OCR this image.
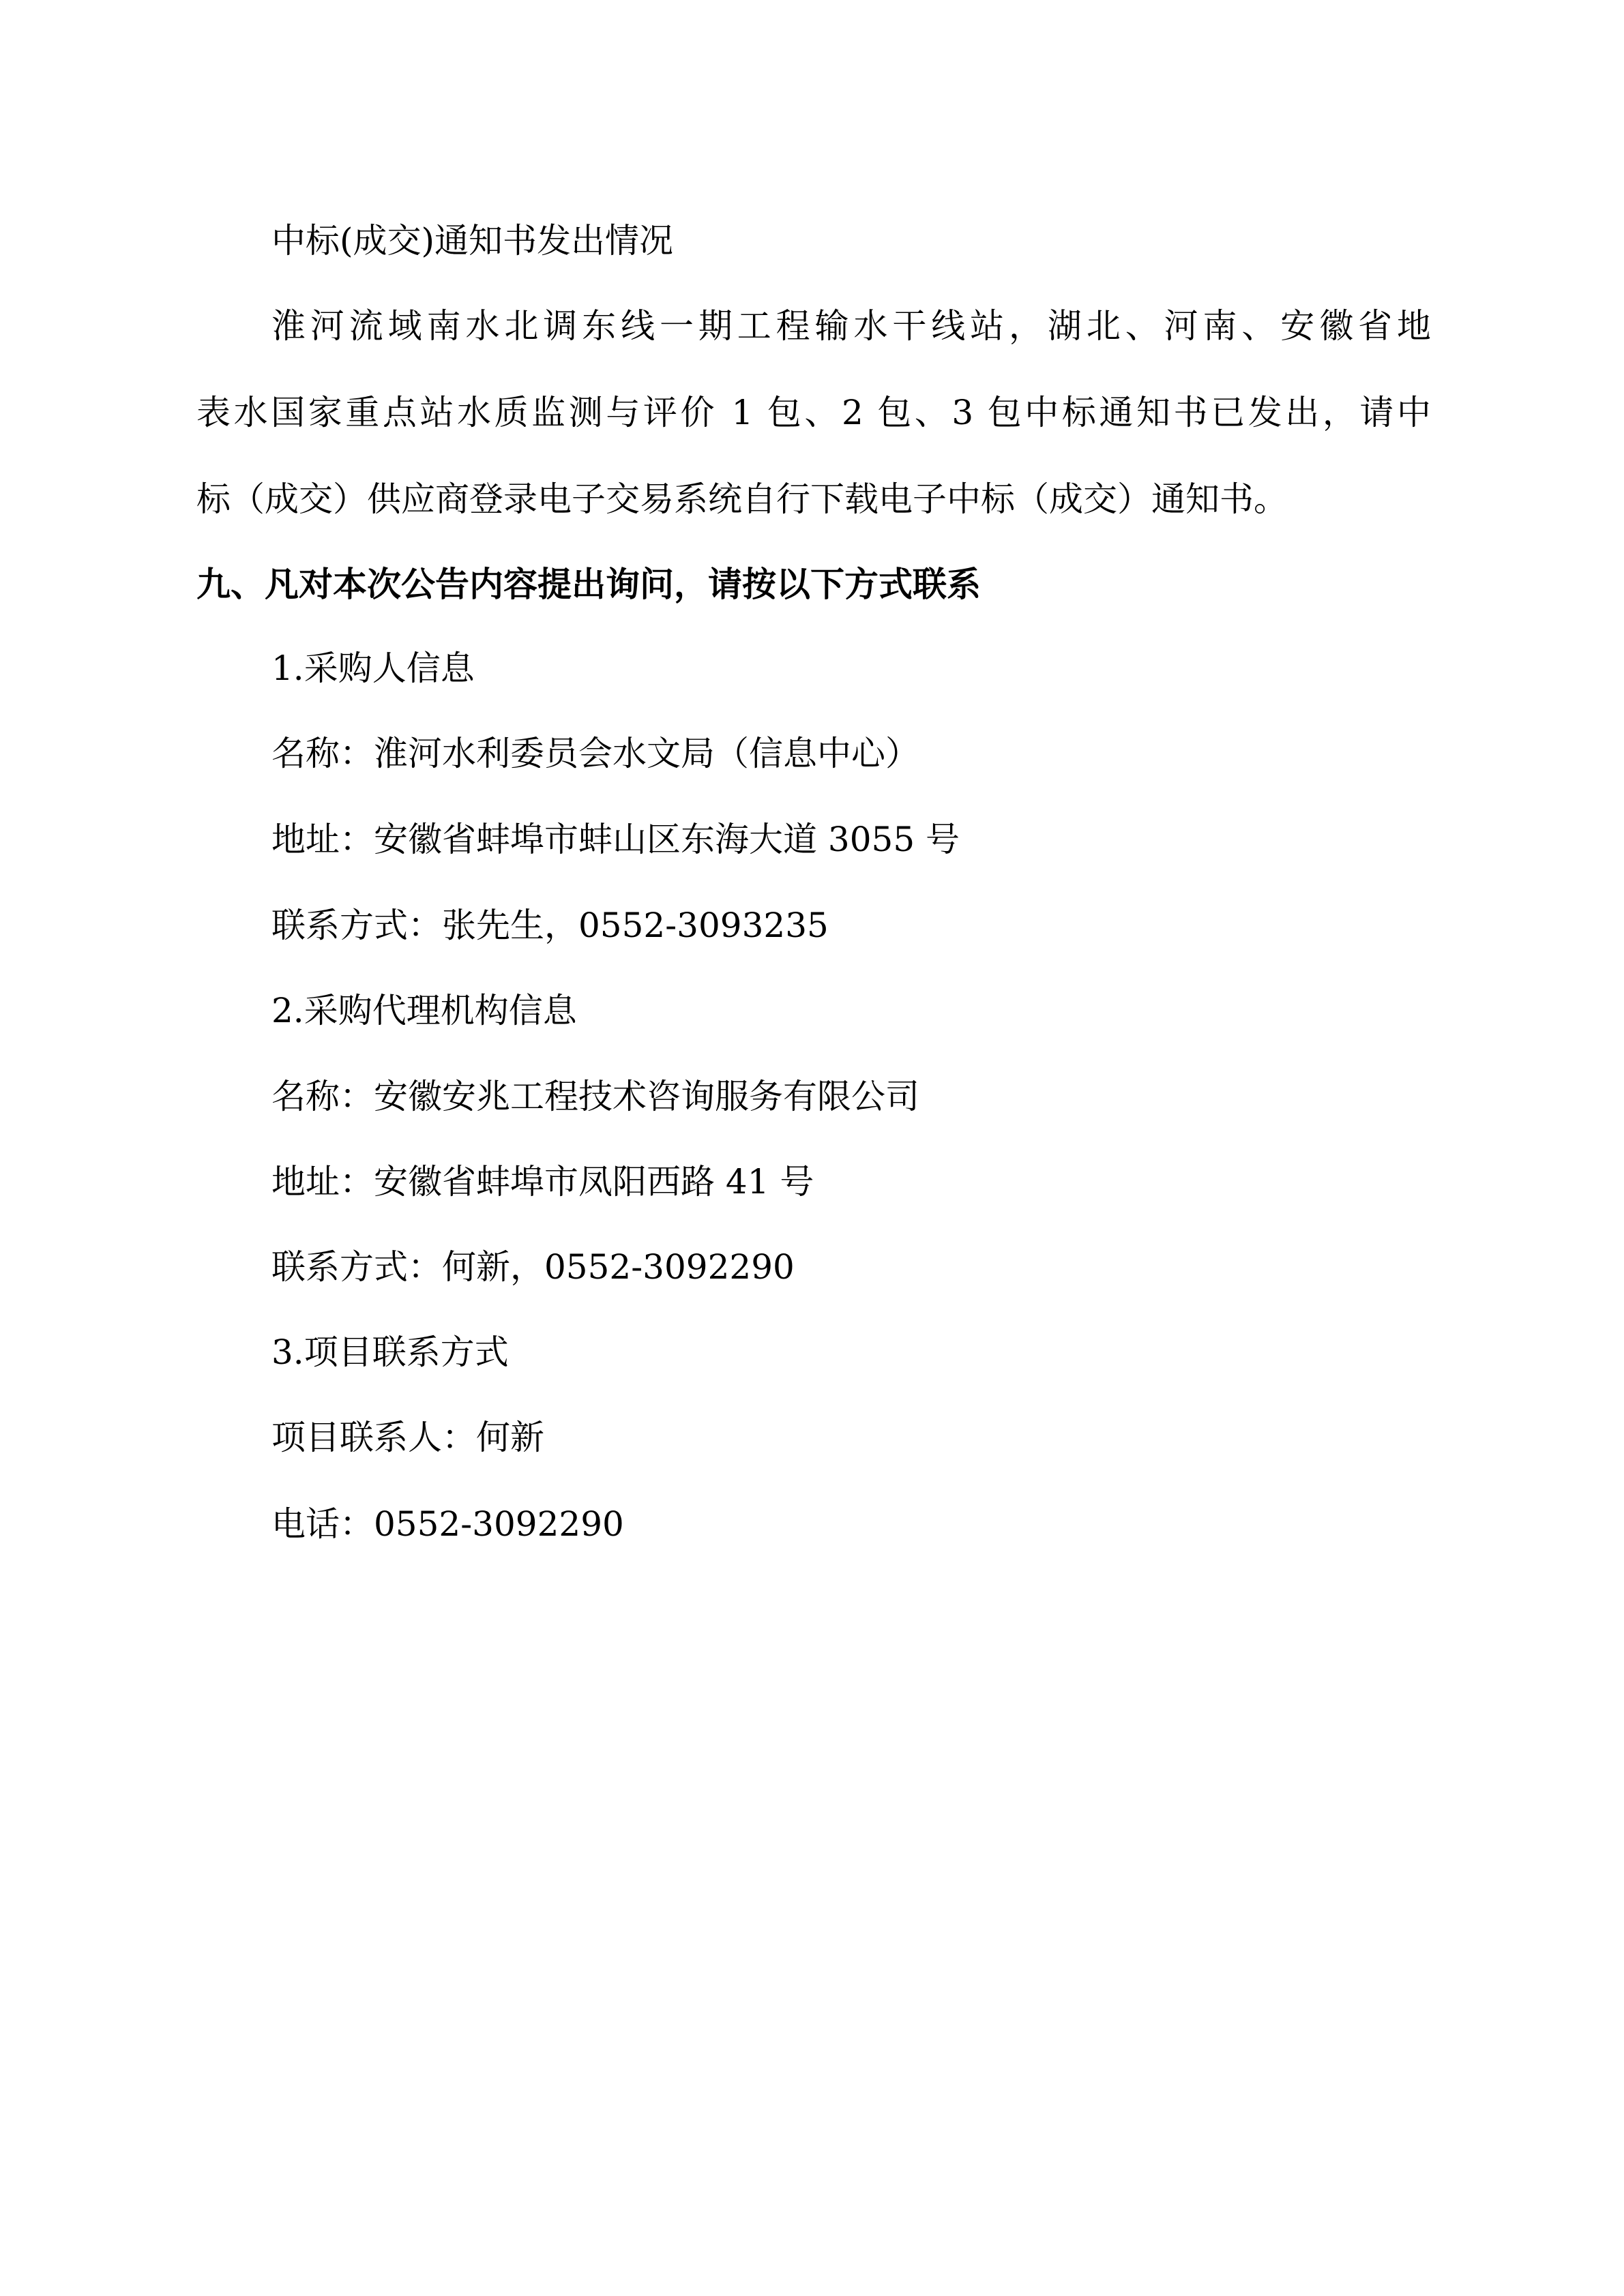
中标(成交)通知书发出情况
淮河流域南水北调东线一期工程输水干线站，湖北、河南、安徽省地
表水国家重点站水质监测与评价 1 包、2 包、3 包中标通知书已发出，请中
标（成交）供应商登录电子交易系统自行下载电子中标（成交）通知书。
九、凡对本次公告内容提出询问，请按以下方式联系
1.采购人信息
名称：淮河水利委员会水文局（信息中心）
地址：安徽省蚌埠市蚌山区东海大道 3055 号
联系方式：张先生，0552-3093235
2.采购代理机构信息
名称：安徽安兆工程技术咨询服务有限公司
地址：安徽省蚌埠市凤阳西路 41 号
联系方式：何新，0552-3092290
3.项目联系方式
项目联系人：何新
电话：0552-3092290
